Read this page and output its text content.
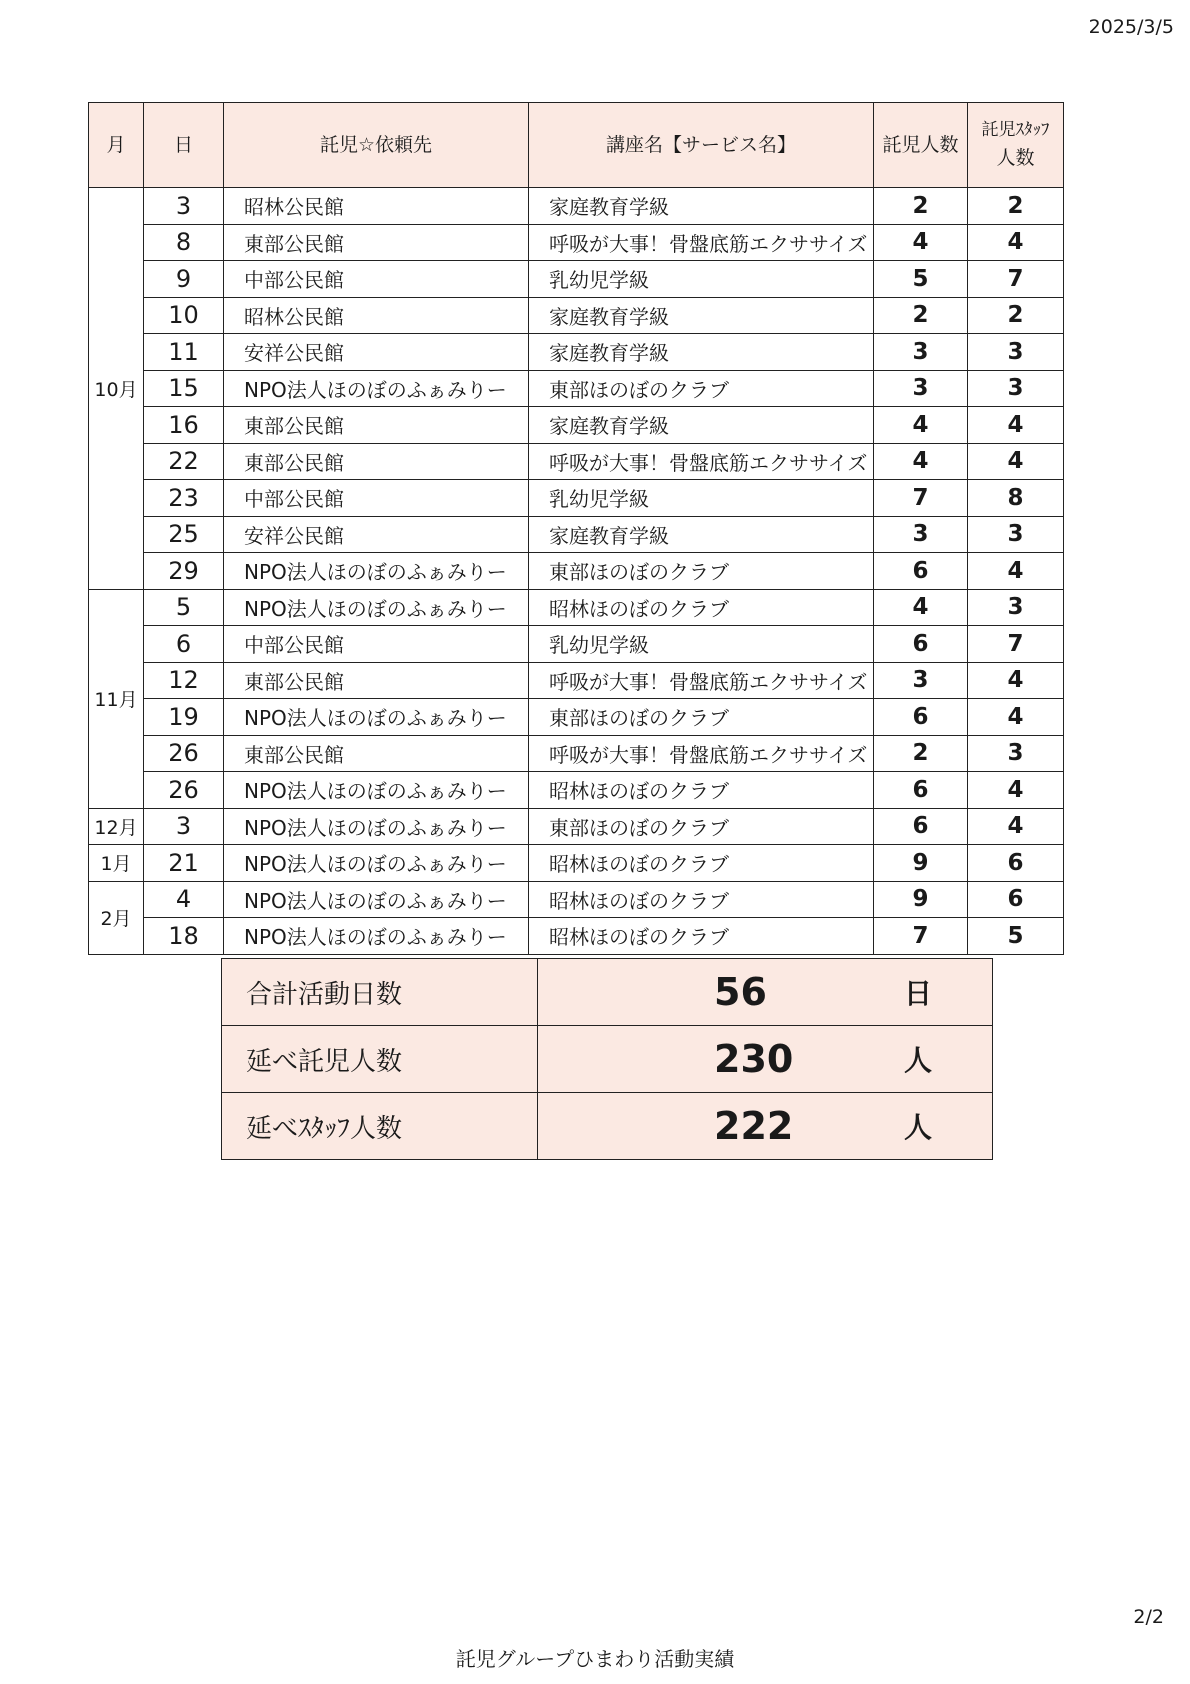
2025/3/5
月	日	託児☆依頼先	講座名【サービス名】	託児人数	託児ｽﾀｯﾌ
人数

10月	3	昭林公民館	家庭教育学級	2	2
	8	東部公民館	呼吸が大事！骨盤底筋エクササイズ	4	4
	9	中部公民館	乳幼児学級	5	7
	10	昭林公民館	家庭教育学級	2	2
	11	安祥公民館	家庭教育学級	3	3
	15	NPO法人ほのぼのふぁみりー	東部ほのぼのクラブ	3	3
	16	東部公民館	家庭教育学級	4	4
	22	東部公民館	呼吸が大事！骨盤底筋エクササイズ	4	4
	23	中部公民館	乳幼児学級	7	8
	25	安祥公民館	家庭教育学級	3	3
	29	NPO法人ほのぼのふぁみりー	東部ほのぼのクラブ	6	4
11月	5	NPO法人ほのぼのふぁみりー	昭林ほのぼのクラブ	4	3
	6	中部公民館	乳幼児学級	6	7
	12	東部公民館	呼吸が大事！骨盤底筋エクササイズ	3	4
	19	NPO法人ほのぼのふぁみりー	東部ほのぼのクラブ	6	4
	26	東部公民館	呼吸が大事！骨盤底筋エクササイズ	2	3
	26	NPO法人ほのぼのふぁみりー	昭林ほのぼのクラブ	6	4
12月	3	NPO法人ほのぼのふぁみりー	東部ほのぼのクラブ	6	4
1月	21	NPO法人ほのぼのふぁみりー	昭林ほのぼのクラブ	9	6
2月	4	NPO法人ほのぼのふぁみりー	昭林ほのぼのクラブ	9	6
	18	NPO法人ほのぼのふぁみりー	昭林ほのぼのクラブ	7	5
合計活動日数	56 日

延べ託児人数	230 人

延べｽﾀｯﾌ人数	222 人
2/2
託児グループひまわり活動実績
